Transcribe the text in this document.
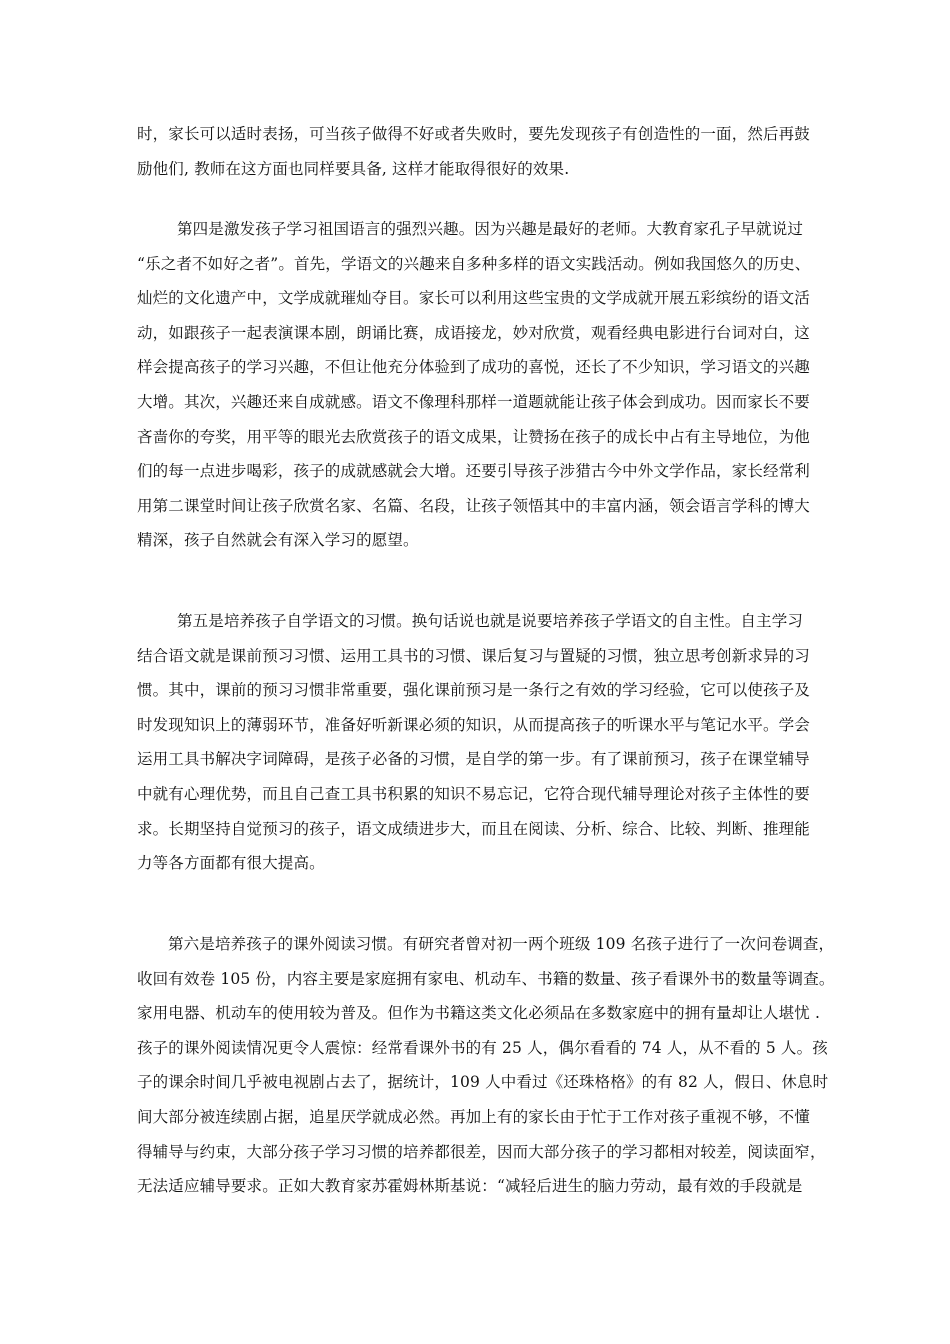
时，家长可以适时表扬，可当孩子做得不好或者失败时，要先发现孩子有创造性的一面，然后再鼓
励他们, 教师在这方面也同样要具备, 这样才能取得很好的效果.
第四是激发孩子学习祖国语言的强烈兴趣。因为兴趣是最好的老师。大教育家孔子早就说过
“乐之者不如好之者”。首先，学语文的兴趣来自多种多样的语文实践活动。例如我国悠久的历史、
灿烂的文化遗产中，文学成就璀灿夺目。家长可以利用这些宝贵的文学成就开展五彩缤纷的语文活
动，如跟孩子一起表演课本剧，朗诵比赛，成语接龙，妙对欣赏，观看经典电影进行台词对白，这
样会提高孩子的学习兴趣，不但让他充分体验到了成功的喜悦，还长了不少知识，学习语文的兴趣
大增。其次，兴趣还来自成就感。语文不像理科那样一道题就能让孩子体会到成功。因而家长不要
吝啬你的夸奖，用平等的眼光去欣赏孩子的语文成果，让赞扬在孩子的成长中占有主导地位，为他
们的每一点进步喝彩，孩子的成就感就会大增。还要引导孩子涉猎古今中外文学作品，家长经常利
用第二课堂时间让孩子欣赏名家、名篇、名段，让孩子领悟其中的丰富内涵，领会语言学科的博大
精深，孩子自然就会有深入学习的愿望。
第五是培养孩子自学语文的习惯。换句话说也就是说要培养孩子学语文的自主性。自主学习
结合语文就是课前预习习惯、运用工具书的习惯、课后复习与置疑的习惯，独立思考创新求异的习
惯。其中，课前的预习习惯非常重要，强化课前预习是一条行之有效的学习经验，它可以使孩子及
时发现知识上的薄弱环节，准备好听新课必须的知识，从而提高孩子的听课水平与笔记水平。学会
运用工具书解决字词障碍，是孩子必备的习惯，是自学的第一步。有了课前预习，孩子在课堂辅导
中就有心理优势，而且自己查工具书积累的知识不易忘记，它符合现代辅导理论对孩子主体性的要
求。长期坚持自觉预习的孩子，语文成绩进步大，而且在阅读、分析、综合、比较、判断、推理能
力等各方面都有很大提高。
第六是培养孩子的课外阅读习惯。有研究者曾对初一两个班级 109 名孩子进行了一次问卷调查，
收回有效卷 105 份，内容主要是家庭拥有家电、机动车、书籍的数量、孩子看课外书的数量等调查。
家用电器、机动车的使用较为普及。但作为书籍这类文化必须品在多数家庭中的拥有量却让人堪忧 .
孩子的课外阅读情况更令人震惊：经常看课外书的有 25 人，偶尔看看的 74 人，从不看的 5 人。孩
子的课余时间几乎被电视剧占去了，据统计，109 人中看过《还珠格格》的有 82 人，假日、休息时
间大部分被连续剧占据，追星厌学就成必然。再加上有的家长由于忙于工作对孩子重视不够，不懂
得辅导与约束，大部分孩子学习习惯的培养都很差，因而大部分孩子的学习都相对较差，阅读面窄，
无法适应辅导要求。正如大教育家苏霍姆林斯基说：“减轻后进生的脑力劳动，最有效的手段就是
